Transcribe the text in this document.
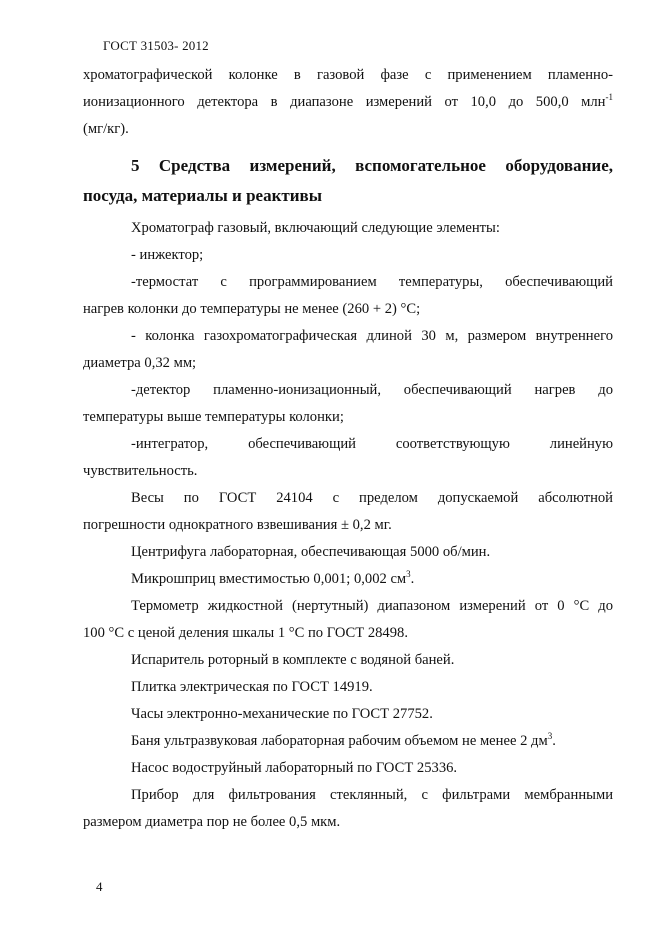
ГОСТ 31503- 2012

хроматографической колонке в газовой фазе с применением пламенно-

ионизационного детектора в диапазоне измерений от 10,0 до 500,0 млн$^{-1}$

(мг/кг).

5 Средства измерений, вспомогательное оборудование,

посуда, материалы и реактивы

Хроматограф газовый, включающий следующие элементы:

- инжектор;

-термостат с программированием температуры, обеспечивающий

нагрев колонки до температуры не менее (260 + 2) °С;

- колонка газохроматографическая длиной 30 м, размером внутреннего

диаметра 0,32 мм;

-детектор пламенно-ионизационный, обеспечивающий нагрев до

температуры выше температуры колонки;

-интегратор, обеспечивающий соответствующую линейную

чувствительность.

Весы по ГОСТ 24104 с пределом допускаемой абсолютной

погрешности однократного взвешивания ± 0,2 мг.

Центрифуга лабораторная, обеспечивающая 5000 об/мин.

Микрошприц вместимостью 0,001; 0,002 $см^3$.

Термометр жидкостной (нертутный) диапазоном измерений от 0 °С до

100 °С с ценой деления шкалы 1 °С по ГОСТ 28498.

Испаритель роторный в комплекте с водяной баней.

Плитка электрическая по ГОСТ 14919.

Часы электронно-механические по ГОСТ 27752.

Баня ультразвуковая лабораторная рабочим объемом не менее 2 $дм^3$.

Насос водоструйный лабораторный по ГОСТ 25336.

Прибор для фильтрования стеклянный, с фильтрами мембранными

размером диаметра пор не более 0,5 мкм.

4
